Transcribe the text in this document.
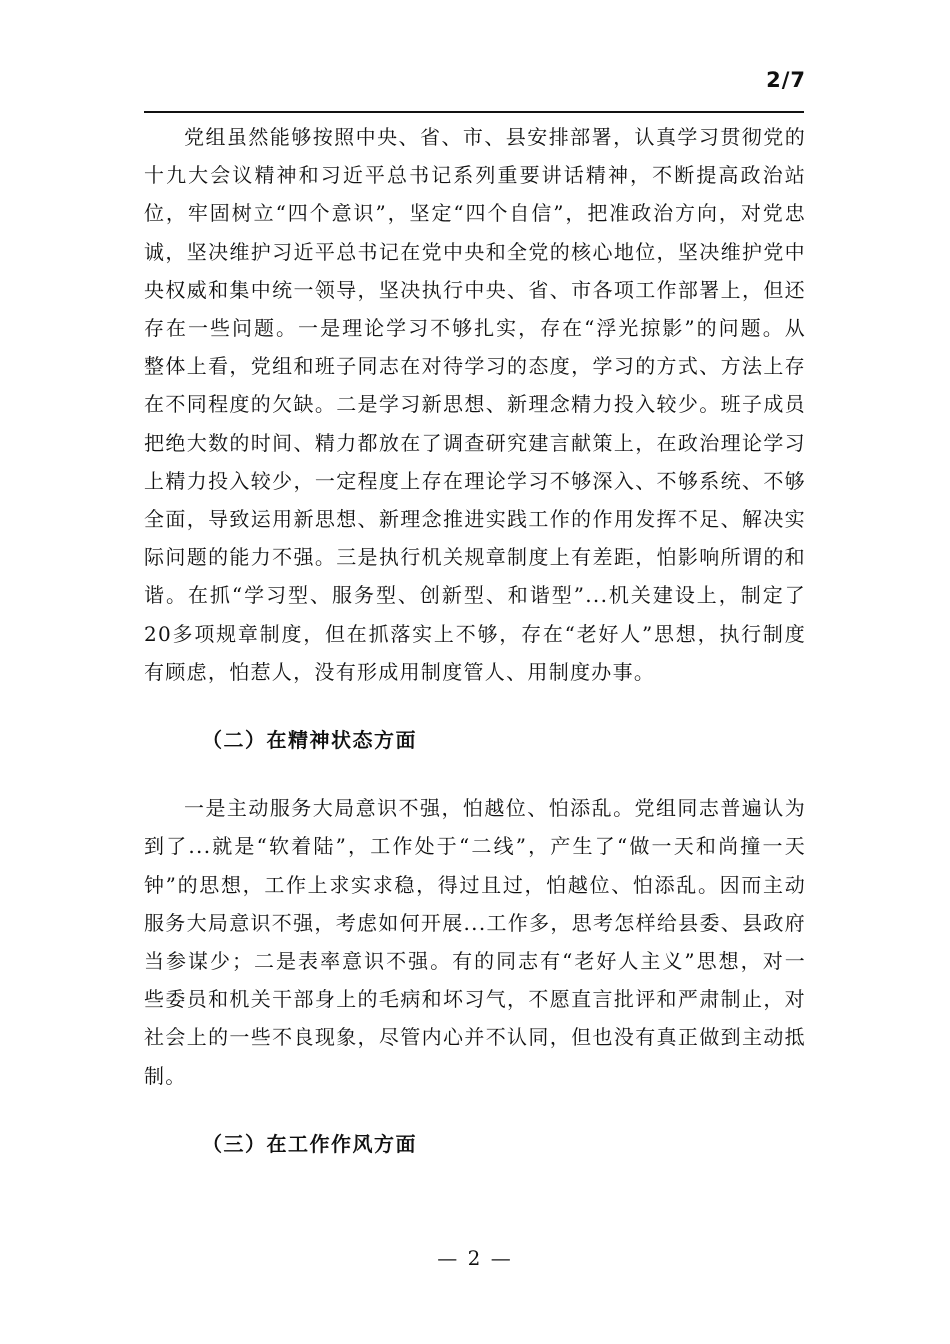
2/7

党组虽然能够按照中央、省、市、县安排部署，认真学习贯彻党的十九大会议精神和习近平总书记系列重要讲话精神，不断提高政治站位，牢固树立“四个意识”，坚定“四个自信”，把准政治方向，对党忠诚，坚决维护习近平总书记在党中央和全党的核心地位，坚决维护党中央权威和集中统一领导，坚决执行中央、省、市各项工作部署上，但还存在一些问题。一是理论学习不够扎实，存在“浮光掠影”的问题。从整体上看，党组和班子同志在对待学习的态度，学习的方式、方法上存在不同程度的欠缺。二是学习新思想、新理念精力投入较少。班子成员把绝大数的时间、精力都放在了调查研究建言献策上，在政治理论学习上精力投入较少，一定程度上存在理论学习不够深入、不够系统、不够全面，导致运用新思想、新理念推进实践工作的作用发挥不足、解决实际问题的能力不强。三是执行机关规章制度上有差距，怕影响所谓的和谐。在抓“学习型、服务型、创新型、和谐型”...机关建设上，制定了20多项规章制度，但在抓落实上不够，存在“老好人”思想，执行制度有顾虑，怕惹人，没有形成用制度管人、用制度办事。

（二）在精神状态方面

一是主动服务大局意识不强，怕越位、怕添乱。党组同志普遍认为到了...就是“软着陆”，工作处于“二线”，产生了“做一天和尚撞一天钟”的思想，工作上求实求稳，得过且过，怕越位、怕添乱。因而主动服务大局意识不强，考虑如何开展...工作多，思考怎样给县委、县政府当参谋少；二是表率意识不强。有的同志有“老好人主义”思想，对一些委员和机关干部身上的毛病和坏习气，不愿直言批评和严肃制止，对社会上的一些不良现象，尽管内心并不认同，但也没有真正做到主动抵制。

（三）在工作作风方面
— 2 —
